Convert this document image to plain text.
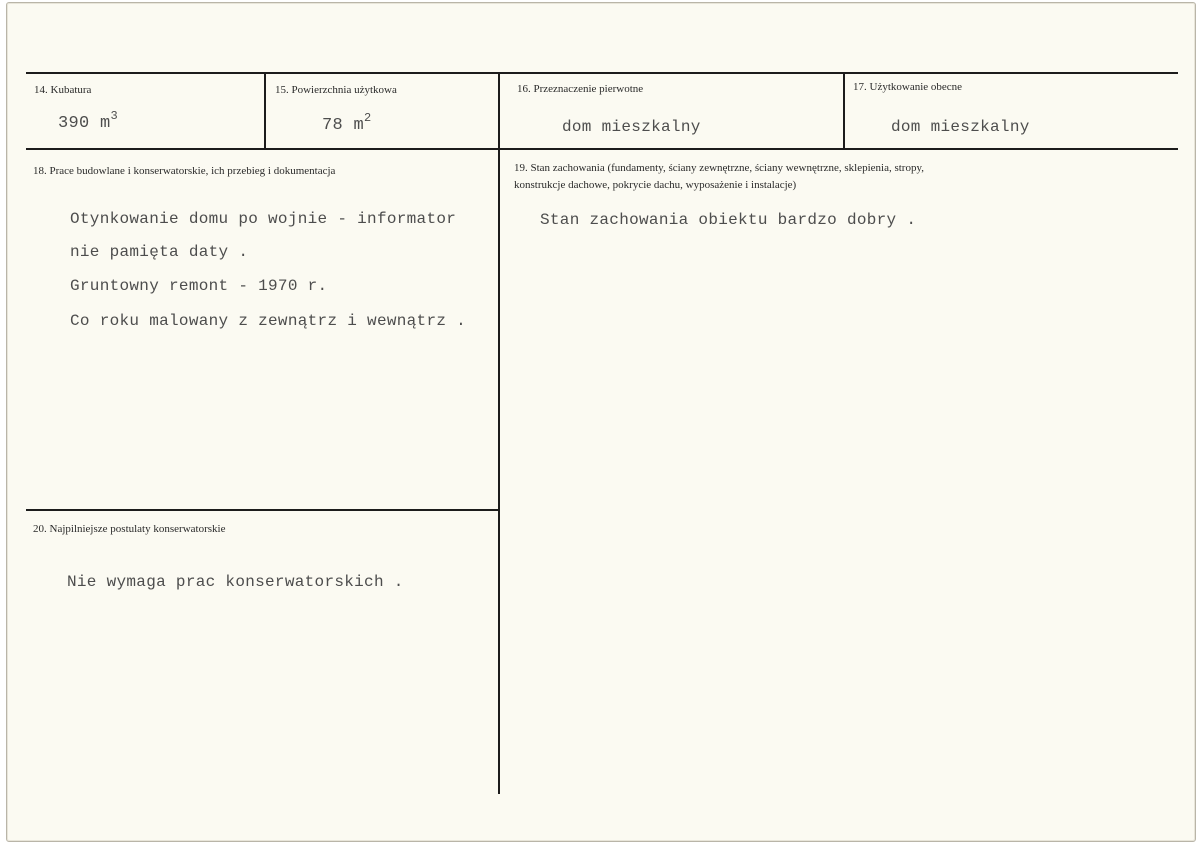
14. Kubatura
390 $m^3$
15. Powierzchnia użytkowa
78 $m^2$
16. Przeznaczenie pierwotne
dom mieszkalny
17. Użytkowanie obecne
dom mieszkalny
18. Prace budowlane i konserwatorskie, ich przebieg i dokumentacja
Otynkowanie domu po wojnie - informator
nie pamięta daty .
Gruntowny remont - 1970 r.
Co roku malowany z zewnątrz i wewnątrz .
19. Stan zachowania (fundamenty, ściany zewnętrzne, ściany wewnętrzne, sklepienia, stropy,
konstrukcje dachowe, pokrycie dachu, wyposażenie i instalacje)
Stan zachowania obiektu bardzo dobry .
20. Najpilniejsze postulaty konserwatorskie
Nie wymaga prac konserwatorskich .
